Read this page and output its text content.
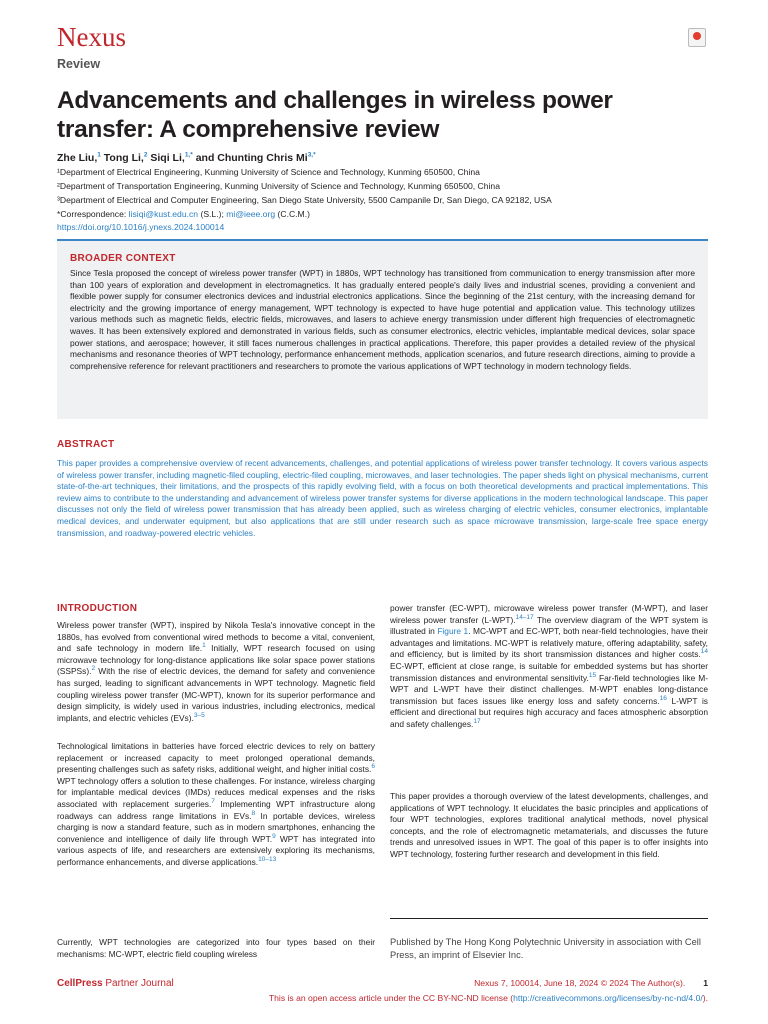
Nexus
Review
Advancements and challenges in wireless power transfer: A comprehensive review
Zhe Liu,$^1$ Tong Li,$^2$ Siqi Li,$^{1,*}$ and Chunting Chris $Mi^{3,*}$
¹Department of Electrical Engineering, Kunming University of Science and Technology, Kunming 650500, China
²Department of Transportation Engineering, Kunming University of Science and Technology, Kunming 650500, China
³Department of Electrical and Computer Engineering, San Diego State University, 5500 Campanile Dr, San Diego, CA 92182, USA
*Correspondence: lisiqi@kust.edu.cn (S.L.); mi@ieee.org (C.C.M.)
https://doi.org/10.1016/j.ynexs.2024.100014
BROADER CONTEXT
Since Tesla proposed the concept of wireless power transfer (WPT) in 1880s, WPT technology has transitioned from communication to energy transmission after more than 100 years of exploration and development in electromagnetics. It has gradually entered people's daily lives and industrial scenes, providing a convenient and flexible power supply for consumer electronics devices and industrial electronics applications. Since the beginning of the 21st century, with the increasing demand for electricity and the growing importance of energy management, WPT technology is expected to have huge potential and application value. This technology utilizes various methods such as magnetic fields, electric fields, microwaves, and lasers to achieve energy transmission under different high frequencies of electromagnetic waves. It has been extensively explored and demonstrated in various fields, such as consumer electronics, electric vehicles, implantable medical devices, solar space power stations, and aerospace; however, it still faces numerous challenges in practical applications. Therefore, this paper provides a detailed review of the physical mechanisms and resonance theories of WPT technology, performance enhancement methods, application scenarios, and future research directions, aiming to provide a comprehensive reference for relevant practitioners and researchers to promote the various applications of WPT technology in modern technology fields.
ABSTRACT
This paper provides a comprehensive overview of recent advancements, challenges, and potential applications of wireless power transfer technology. It covers various aspects of wireless power transfer, including magnetic-filed coupling, electric-filed coupling, microwaves, and laser technologies. The paper sheds light on physical mechanisms, current state-of-the-art techniques, their limitations, and the prospects of this rapidly evolving field, with a focus on both theoretical developments and practical implementations. This review aims to contribute to the understanding and advancement of wireless power transfer systems for diverse applications in the modern technological landscape. This paper discusses not only the field of wireless power transmission that has already been applied, such as wireless charging of electric vehicles, consumer electronics, implantable medical devices, and underwater equipment, but also applications that are still under research such as space microwave transmission, large-scale free space energy transmission, and roadway-powered electric vehicles.
INTRODUCTION
Wireless power transfer (WPT), inspired by Nikola Tesla's innovative concept in the 1880s, has evolved from conventional wired methods to become a vital, convenient, and safe technology in modern life.$^1$ Initially, WPT research focused on using microwave technology for long-distance applications like solar space power stations (SSPSs).$^2$ With the rise of electric devices, the demand for safety and convenience has surged, leading to significant advancements in WPT technology. Magnetic field coupling wireless power transfer (MC-WPT), known for its superior performance and design simplicity, is widely used in various industries, including electronics, medical implants, and electric vehicles (EVs).$^{3-5}$
Technological limitations in batteries have forced electric devices to rely on battery replacement or increased capacity to meet prolonged operational demands, presenting challenges such as safety risks, additional weight, and higher initial costs.$^6$ WPT technology offers a solution to these challenges. For instance, wireless charging for implantable medical devices (IMDs) reduces medical expenses and the risks associated with replacement surgeries.$^7$ Implementing WPT infrastructure along roadways can address range limitations in EVs.$^8$ In portable devices, wireless charging is now a standard feature, such as in modern smartphones, enhancing the convenience and intelligence of daily life through WPT.$^9$ WPT has integrated into various aspects of life, and researchers are extensively exploring its mechanisms, performance enhancements, and diverse applications.$^{10-13}$
Currently, WPT technologies are categorized into four types based on their mechanisms: MC-WPT, electric field coupling wireless
power transfer (EC-WPT), microwave wireless power transfer (M-WPT), and laser wireless power transfer (L-WPT).$^{14-17}$ The overview diagram of the WPT system is illustrated in Figure 1. MC-WPT and EC-WPT, both near-field technologies, have their advantages and limitations. MC-WPT is relatively mature, offering adaptability, safety, and efficiency, but is limited by its short transmission distances and higher costs.$^{14}$ EC-WPT, efficient at close range, is suitable for embedded systems but has shorter transmission distances and environmental sensitivity.$^{15}$ Far-field technologies like M-WPT and L-WPT have their distinct challenges. M-WPT enables long-distance transmission but faces issues like energy loss and safety concerns.$^{16}$ L-WPT is efficient and directional but requires high accuracy and faces atmospheric absorption and safety challenges.$^{17}$
This paper provides a thorough overview of the latest developments, challenges, and applications of WPT technology. It elucidates the basic principles and applications of four WPT technologies, explores traditional analytical methods, novel physical concepts, and the role of electromagnetic metamaterials, and discusses the future trends and unresolved issues in WPT. The goal of this paper is to offer insights into WPT technology, fostering further research and development in this field.
Published by The Hong Kong Polytechnic University in association with Cell Press, an imprint of Elsevier Inc.
CellPress Partner Journal	Nexus 7, 100014, June 18, 2024 © 2024 The Author(s). 1
This is an open access article under the CC BY-NC-ND license (http://creativecommons.org/licenses/by-nc-nd/4.0/).
